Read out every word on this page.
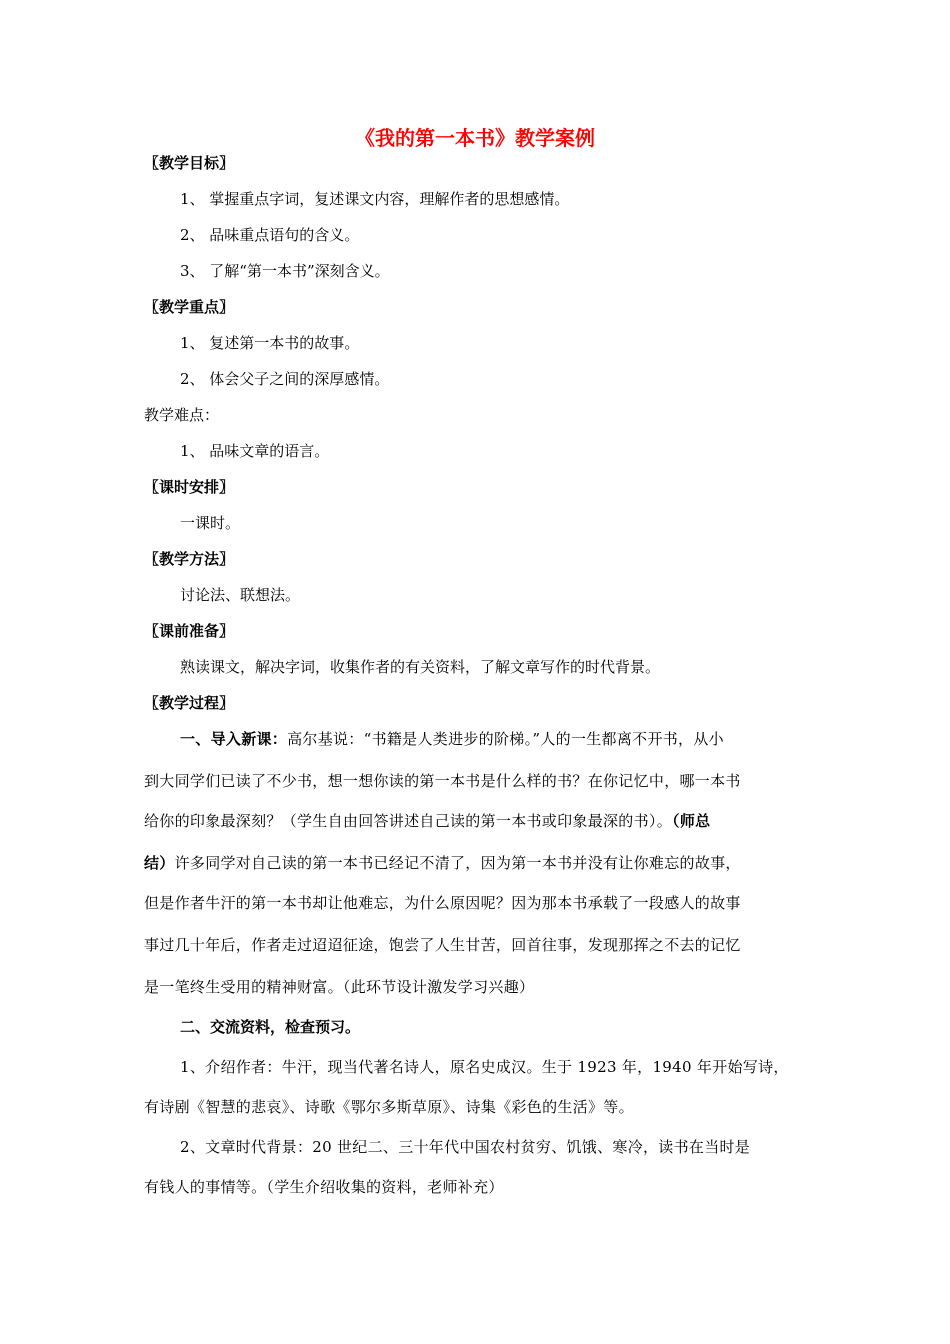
《我的第一本书》教学案例
〖教学目标〗
1、 掌握重点字词，复述课文内容，理解作者的思想感情。
2、 品味重点语句的含义。
3、 了解“第一本书”深刻含义。
〖教学重点〗
1、 复述第一本书的故事。
2、 体会父子之间的深厚感情。
教学难点：
1、 品味文章的语言。
〖课时安排〗
一课时。
〖教学方法〗
讨论法、联想法。
〖课前准备〗
熟读课文，解决字词，收集作者的有关资料，了解文章写作的时代背景。
〖教学过程〗
一、导入新课：高尔基说：“书籍是人类进步的阶梯。”人的一生都离不开书，从小
到大同学们已读了不少书，想一想你读的第一本书是什么样的书？在你记忆中，哪一本书
给你的印象最深刻？（学生自由回答讲述自己读的第一本书或印象最深的书）。（师总
结）许多同学对自己读的第一本书已经记不清了，因为第一本书并没有让你难忘的故事，
但是作者牛汗的第一本书却让他难忘，为什么原因呢？因为那本书承载了一段感人的故事
事过几十年后，作者走过迢迢征途，饱尝了人生甘苦，回首往事，发现那挥之不去的记忆
是一笔终生受用的精神财富。（此环节设计激发学习兴趣）
二、交流资料，检查预习。
1、介绍作者：牛汗，现当代著名诗人，原名史成汉。生于 1923 年，1940 年开始写诗，
有诗剧《智慧的悲哀》、诗歌《鄂尔多斯草原》、诗集《彩色的生活》等。
2、文章时代背景：20 世纪二、三十年代中国农村贫穷、饥饿、寒冷，读书在当时是
有钱人的事情等。（学生介绍收集的资料，老师补充）
